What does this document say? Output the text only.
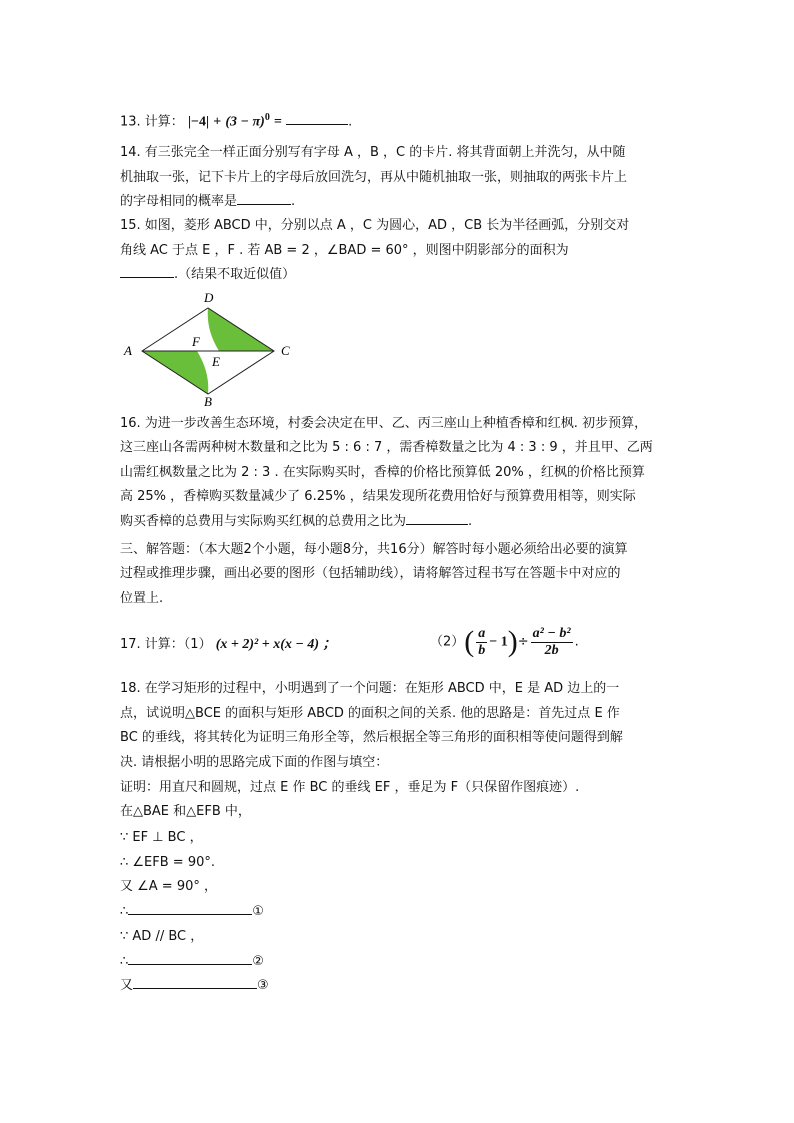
13. 计算： $|-4| + (3 - \pi)^0$ =	.
14. 有三张完全一样正面分别写有字母 A ，B ，C 的卡片. 将其背面朝上并洗匀，从中随
机抽取一张，记下卡片上的字母后放回洗匀，再从中随机抽取一张，则抽取的两张卡片上
的字母相同的概率是	.
15. 如图，菱形 ABCD 中，分别以点 A ，C 为圆心，AD ，CB 长为半径画弧，分别交对
角线 AC 于点 E ，F . 若 AB = 2 ，∠BAD = 60° ，则图中阴影部分的面积为
.（结果不取近似值）
A
B
C
D
E
F
16. 为进一步改善生态环境，村委会决定在甲、乙、丙三座山上种植香樟和红枫. 初步预算，
这三座山各需两种树木数量和之比为 5 : 6 : 7 ，需香樟数量之比为 4 : 3 : 9 ，并且甲、乙两
山需红枫数量之比为 2 : 3 . 在实际购买时，香樟的价格比预算低 20% ，红枫的价格比预算
高 25% ，香樟购买数量减少了 6.25% ，结果发现所花费用恰好与预算费用相等，则实际
购买香樟的总费用与实际购买红枫的总费用之比为	.
三、解答题：（本大题2个小题，每小题8分，共16分）解答时每小题必须给出必要的演算
过程或推理步骤，画出必要的图形（包括辅助线），请将解答过程书写在答题卡中对应的
位置上.
17. 计算：（1） (x + 2)² + x(x − 4) ；	$(2)( \frac{a}{b} - 1)\div \frac{\text{a² − b²}}{2b}$ .
18. 在学习矩形的过程中，小明遇到了一个问题：在矩形 ABCD 中，E 是 AD 边上的一
点，试说明△BCE 的面积与矩形 ABCD 的面积之间的关系. 他的思路是：首先过点 E 作
BC 的垂线，将其转化为证明三角形全等，然后根据全等三角形的面积相等使问题得到解
决. 请根据小明的思路完成下面的作图与填空：
证明：用直尺和圆规，过点 E 作 BC 的垂线 EF ，垂足为 F（只保留作图痕迹）.
在△BAE 和△EFB 中，
∵ EF ⊥ BC ，
∴ ∠EFB = 90°.
又 ∠A = 90° ，
∴	①
∵ AD // BC ，
∴	②
又	③
